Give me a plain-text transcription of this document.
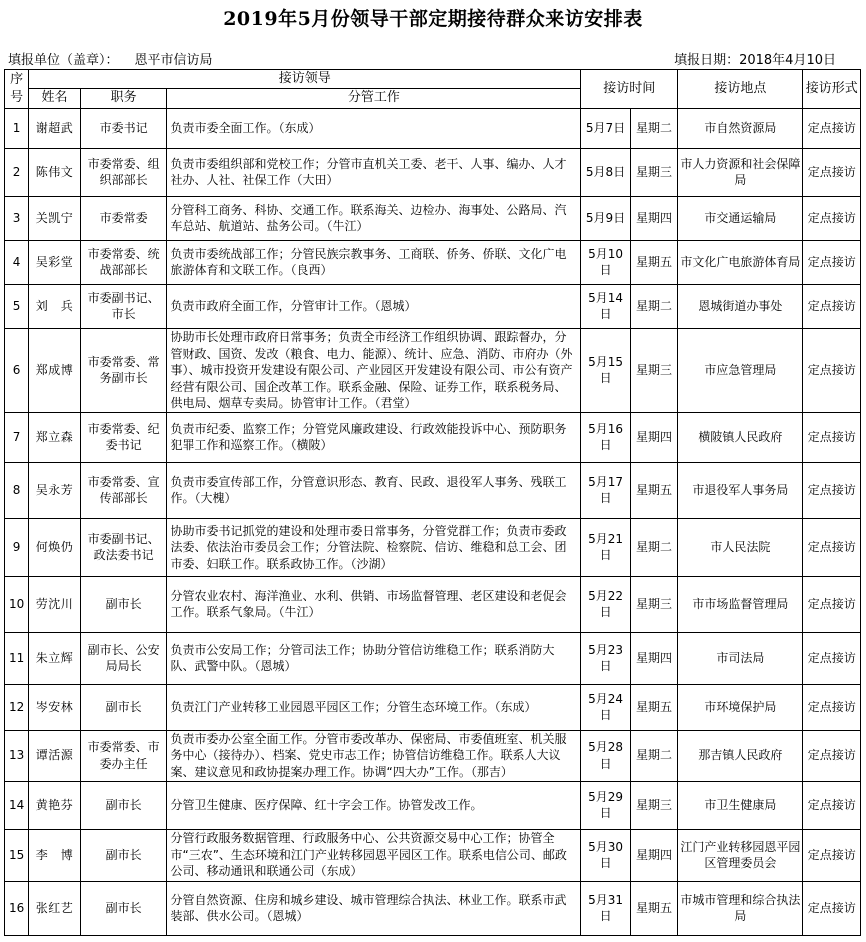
2019年5月份领导干部定期接待群众来访安排表
填报单位（盖章）： 恩平市信访局	填报日期：2018年4月10日
序号	接访领导			接访时间		接访地点	接访形式
	姓名	职务	分管工作				
1	谢超武	市委书记	负责市委全面工作。（东成）	5月7日	星期二	市自然资源局	定点接访
2	陈伟文	市委常委、组织部部长	负责市委组织部和党校工作；分管市直机关工委、老干、人事、编办、人才社办、人社、社保工作（大田）	5月8日	星期三	市人力资源和社会保障局	定点接访
3	关凯宁	市委常委	分管科工商务、科协、交通工作。联系海关、边检办、海事处、公路局、汽车总站、航道站、盐务公司。（牛江）	5月9日	星期四	市交通运输局	定点接访
4	吴彩堂	市委常委、统战部部长	负责市委统战部工作；分管民族宗教事务、工商联、侨务、侨联、文化广电旅游体育和文联工作。（良西）	5月10日	星期五	市文化广电旅游体育局	定点接访
5	刘　兵	市委副书记、市长	负责市政府全面工作，分管审计工作。（恩城）	5月14日	星期二	恩城街道办事处	定点接访
6	郑成博	市委常委、常务副市长	协助市长处理市政府日常事务；负责全市经济工作组织协调、跟踪督办，分管财政、国资、发改（粮食、电力、能源）、统计、应急、消防、市府办（外事）、城市投资开发建设有限公司、产业园区开发建设有限公司、市公有资产经营有限公司、国企改革工作。联系金融、保险、证券工作，联系税务局、供电局、烟草专卖局。协管审计工作。（君堂）	5月15日	星期三	市应急管理局	定点接访
7	郑立森	市委常委、纪委书记	负责市纪委、监察工作；分管党风廉政建设、行政效能投诉中心、预防职务犯罪工作和巡察工作。（横陂）	5月16日	星期四	横陂镇人民政府	定点接访
8	吴永芳	市委常委、宣传部部长	负责市委宣传部工作，分管意识形态、教育、民政、退役军人事务、残联工作。（大槐）	5月17日	星期五	市退役军人事务局	定点接访
9	何焕仍	市委副书记、政法委书记	协助市委书记抓党的建设和处理市委日常事务，分管党群工作；负责市委政法委、依法治市委员会工作；分管法院、检察院、信访、维稳和总工会、团市委、妇联工作。联系政协工作。（沙湖）	5月21日	星期二	市人民法院	定点接访
10	劳沈川	副市长	分管农业农村、海洋渔业、水利、供销、市场监督管理、老区建设和老促会工作。联系气象局。（牛江）	5月22日	星期三	市市场监督管理局	定点接访
11	朱立辉	副市长、公安局局长	负责市公安局工作；分管司法工作；协助分管信访维稳工作；联系消防大队、武警中队。（恩城）	5月23日	星期四	市司法局	定点接访
12	岑安林	副市长	负责江门产业转移工业园恩平园区工作；分管生态环境工作。（东成）	5月24日	星期五	市环境保护局	定点接访
13	谭活源	市委常委、市委办主任	负责市委办公室全面工作。分管市委改革办、保密局、市委值班室、机关服务中心（接待办）、档案、党史市志工作；协管信访维稳工作。联系人大议案、建议意见和政协提案办理工作。协调“四大办”工作。（那吉）	5月28日	星期二	那吉镇人民政府	定点接访
14	黄艳芬	副市长	分管卫生健康、医疗保障、红十字会工作。协管发改工作。	5月29日	星期三	市卫生健康局	定点接访
15	李　博	副市长	分管行政服务数据管理、行政服务中心、公共资源交易中心工作；协管全市“三农”、生态环境和江门产业转移园恩平园区工作。联系电信公司、邮政公司、移动通讯和联通公司（东成）	5月30日	星期四	江门产业转移园恩平园区管理委员会	定点接访
16	张红艺	副市长	分管自然资源、住房和城乡建设、城市管理综合执法、林业工作。联系市武装部、供水公司。（恩城）	5月31日	星期五	市城市管理和综合执法局	定点接访
